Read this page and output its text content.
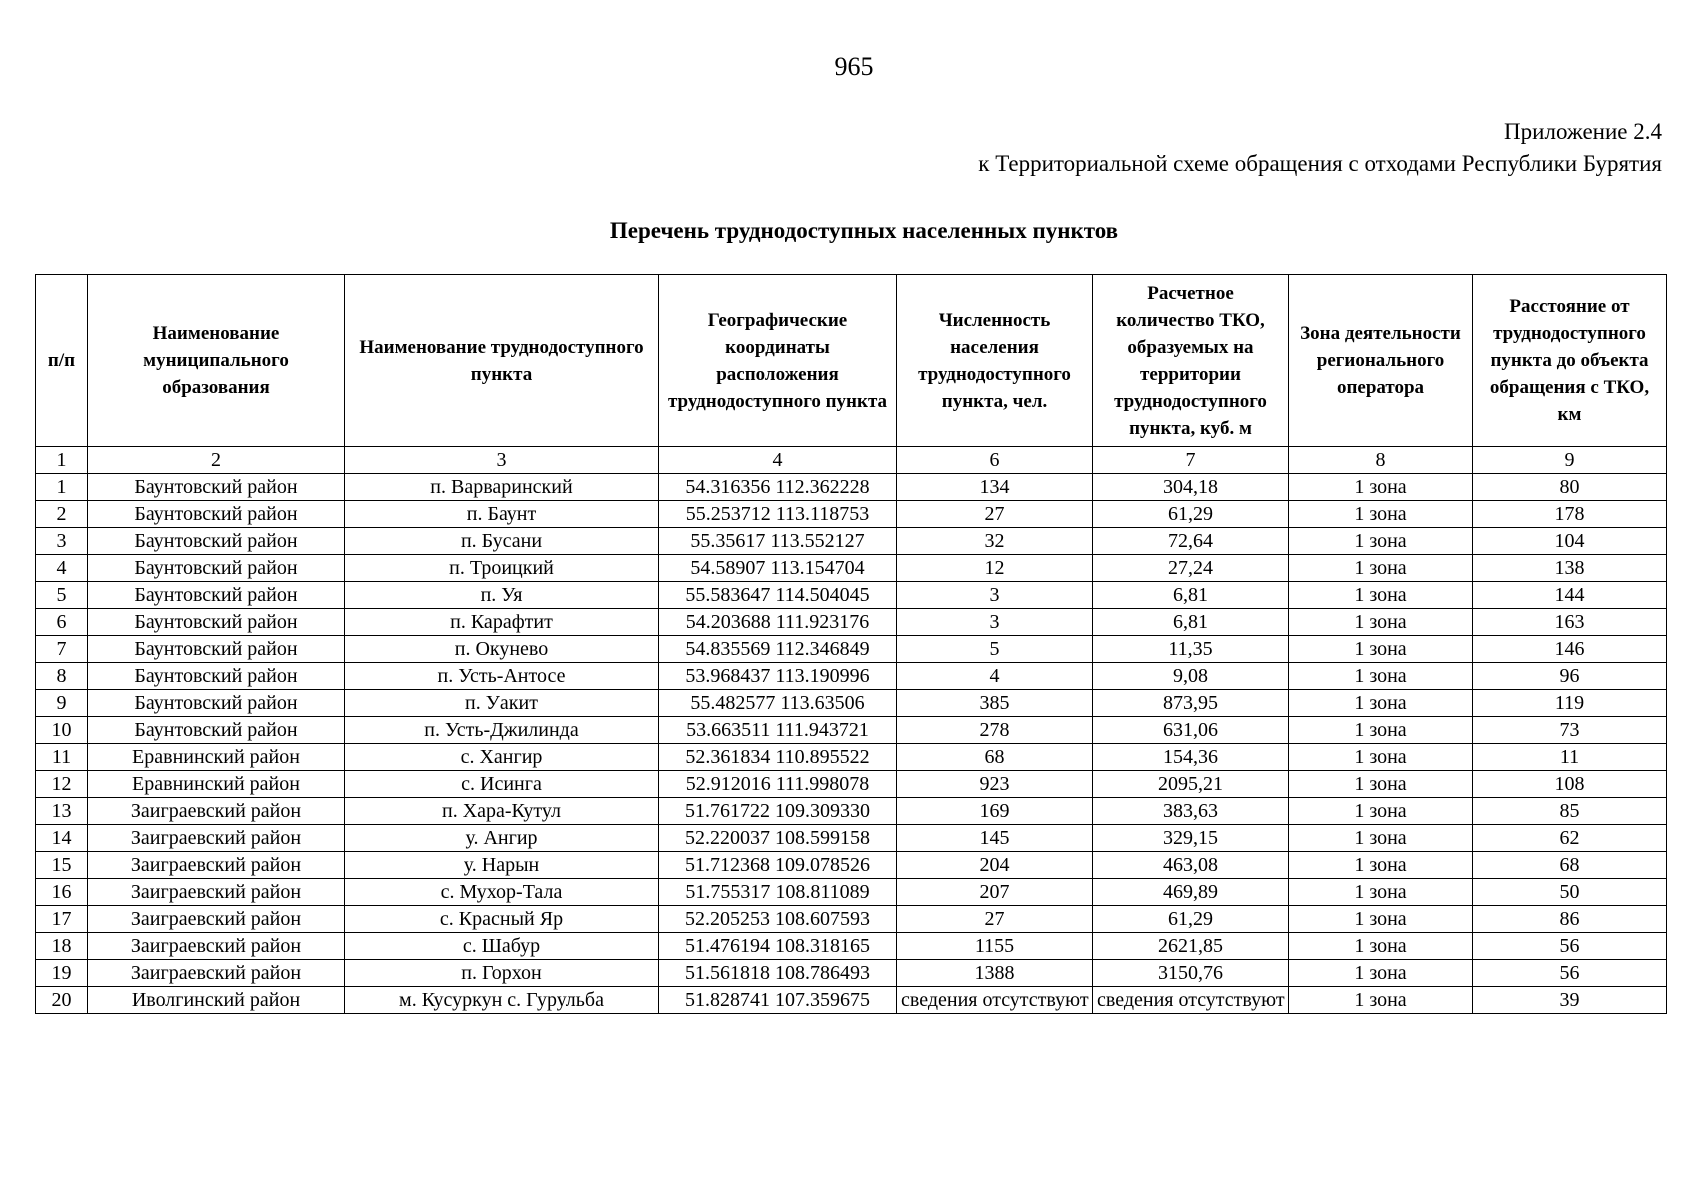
965
Приложение 2.4
к Территориальной схеме обращения с отходами Республики Бурятия
Перечень труднодоступных населенных пунктов
п/п	Наименование муниципального образования	Наименование труднодоступного пункта	Географические координаты расположения труднодоступного пункта	Численность населения труднодоступного пункта, чел.	Расчетное количество ТКО, образуемых на территории труднодоступного пункта, куб. м	Зона деятельности регионального оператора	Расстояние от труднодоступного пункта до объекта обращения с ТКО, км
1	2	3	4	6	7	8	9
1	Баунтовский район	п. Варваринский	54.316356 112.362228	134	304,18	1 зона	80
2	Баунтовский район	п. Баунт	55.253712 113.118753	27	61,29	1 зона	178
3	Баунтовский район	п. Бусани	55.35617 113.552127	32	72,64	1 зона	104
4	Баунтовский район	п. Троицкий	54.58907 113.154704	12	27,24	1 зона	138
5	Баунтовский район	п. Уя	55.583647 114.504045	3	6,81	1 зона	144
6	Баунтовский район	п. Карафтит	54.203688 111.923176	3	6,81	1 зона	163
7	Баунтовский район	п. Окунево	54.835569 112.346849	5	11,35	1 зона	146
8	Баунтовский район	п. Усть-Антосе	53.968437 113.190996	4	9,08	1 зона	96
9	Баунтовский район	п. Уакит	55.482577 113.63506	385	873,95	1 зона	119
10	Баунтовский район	п. Усть-Джилинда	53.663511 111.943721	278	631,06	1 зона	73
11	Еравнинский район	с. Хангир	52.361834 110.895522	68	154,36	1 зона	11
12	Еравнинский район	с. Исинга	52.912016 111.998078	923	2095,21	1 зона	108
13	Заиграевский район	п. Хара-Кутул	51.761722 109.309330	169	383,63	1 зона	85
14	Заиграевский район	у. Ангир	52.220037 108.599158	145	329,15	1 зона	62
15	Заиграевский район	у. Нарын	51.712368 109.078526	204	463,08	1 зона	68
16	Заиграевский район	с. Мухор-Тала	51.755317 108.811089	207	469,89	1 зона	50
17	Заиграевский район	с. Красный Яр	52.205253 108.607593	27	61,29	1 зона	86
18	Заиграевский район	с. Шабур	51.476194 108.318165	1155	2621,85	1 зона	56
19	Заиграевский район	п. Горхон	51.561818 108.786493	1388	3150,76	1 зона	56
20	Иволгинский район	м. Кусуркун с. Гурульба	51.828741 107.359675	сведения отсутствуют	сведения отсутствуют	1 зона	39
